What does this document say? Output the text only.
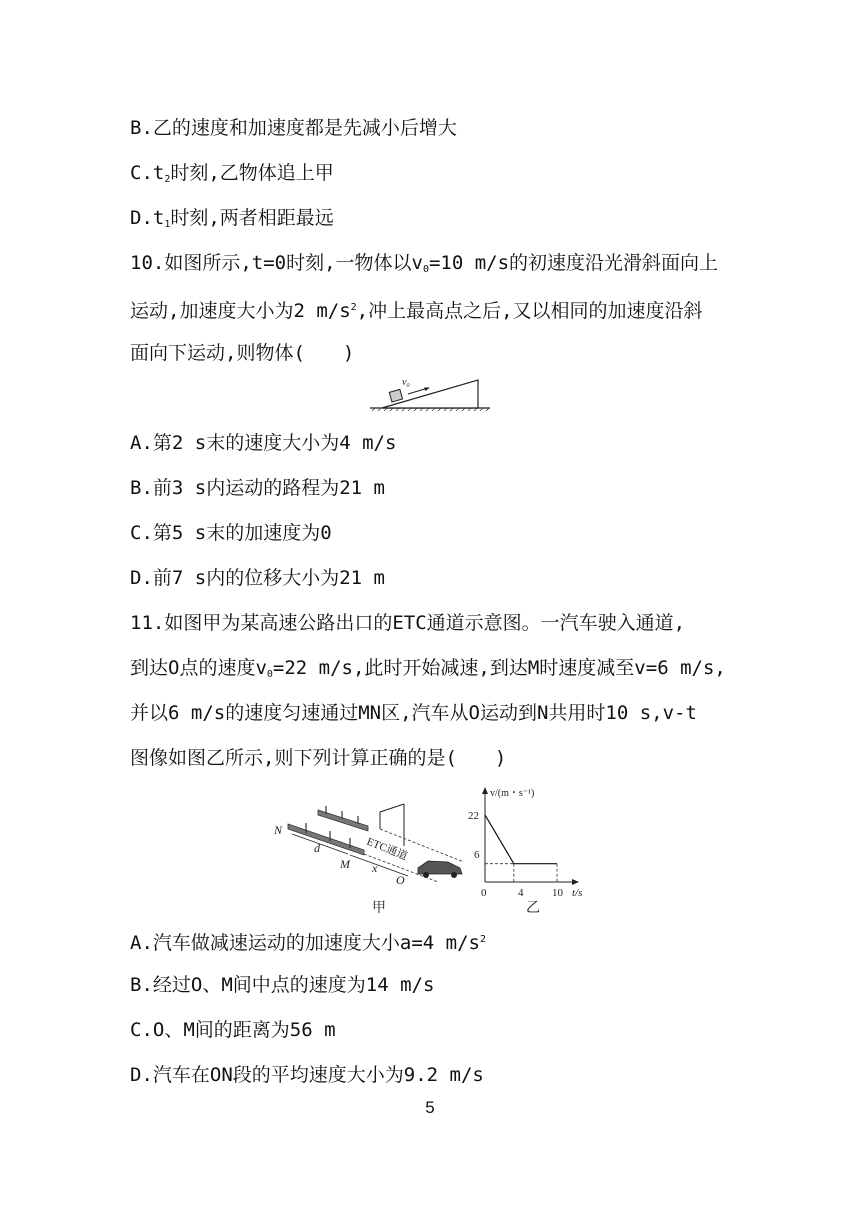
B.乙的速度和加速度都是先减小后增大
$C.t_2$时刻,乙物体追上甲
$D.t_1$时刻,两者相距最远
10.如图所示,t=0时刻,一物体以$v_0=10$ m/s的初速度沿光滑斜面向上
运动,加速度大小为2 $m/s^2$,冲上最高点之后,又以相同的加速度沿斜
面向下运动,则物体(　　)
$v_0$
A.第2 s末的速度大小为4 m/s
B.前3 s内运动的路程为21 m
C.第5 s末的加速度为0
D.前7 s内的位移大小为21 m
11.如图甲为某高速公路出口的ETC通道示意图。一汽车驶入通道,
到达O点的速度$v_0=22$ m/s,此时开始减速,到达M时速度减至v=6 m/s,
并以6 m/s的速度匀速通过MN区,汽车从O运动到N共用时10 s,v-t
图像如图乙所示,则下列计算正确的是(　　)
ETC通道
N
d
M x
O
甲
v/(m・s⁻¹)
t/s
22
6
0	4	10
乙
A.汽车做减速运动的加速度大小a=4 $m/s^2$
B.经过O、M间中点的速度为14 m/s
C.O、M间的距离为56 m
D.汽车在ON段的平均速度大小为9.2 m/s
5
